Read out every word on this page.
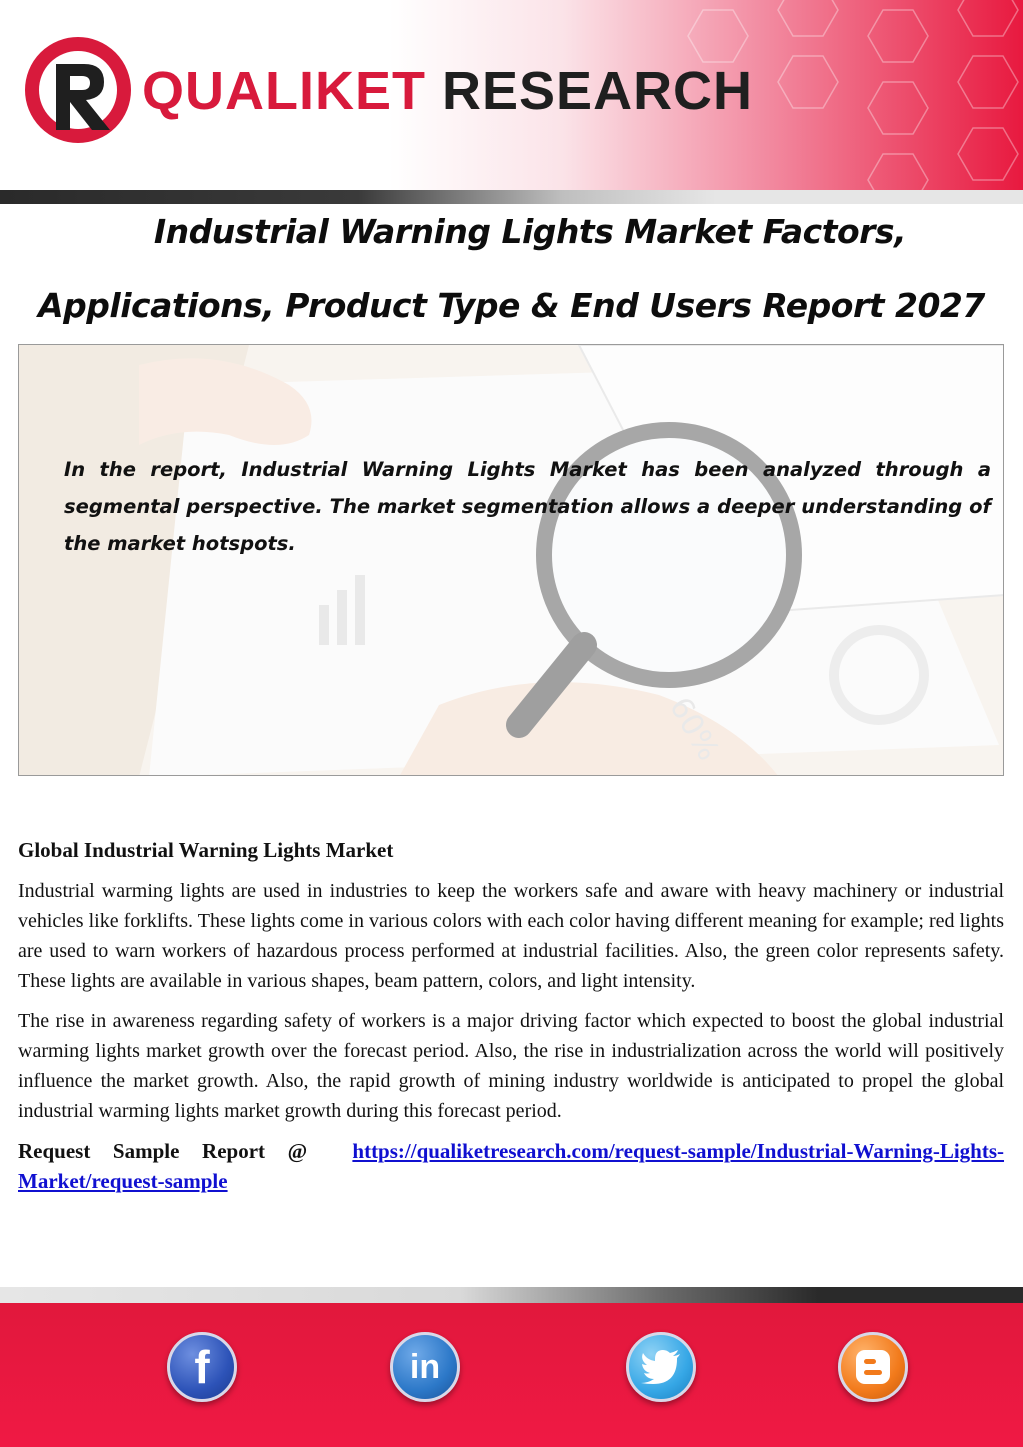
QUALIKET RESEARCH
Industrial Warning Lights Market Factors,
Applications, Product Type & End Users Report 2027
In the report, Industrial Warning Lights Market has been analyzed through a segmental perspective. The market segmentation allows a deeper understanding of the market hotspots.

Global Industrial Warning Lights Market

Industrial warming lights are used in industries to keep the workers safe and aware with heavy machinery or industrial vehicles like forklifts. These lights come in various colors with each color having different meaning for example; red lights are used to warn workers of hazardous process performed at industrial facilities. Also, the green color represents safety. These lights are available in various shapes, beam pattern, colors, and light intensity.

The rise in awareness regarding safety of workers is a major driving factor which expected to boost the global industrial warming lights market growth over the forecast period. Also, the rise in industrialization across the world will positively influence the market growth. Also, the rapid growth of mining industry worldwide is anticipated to propel the global industrial warming lights market growth during this forecast period.

Request Sample Report @ https://qualiketresearch.com/request-sample/Industrial-Warning-Lights-Market/request-sample

f	in
